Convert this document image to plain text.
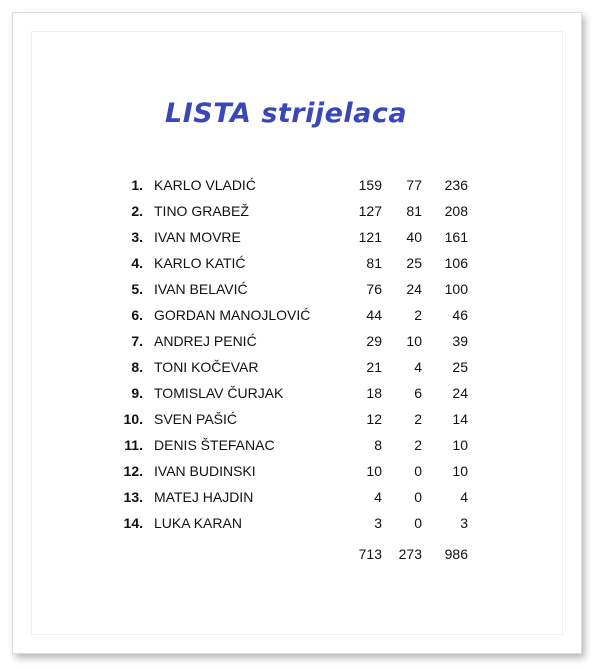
LISTA strijelaca
1. KARLO VLADIĆ	159 77 236
2. TINO GRABEŽ	127 81 208
3. IVAN MOVRE	121 40 161
4. KARLO KATIĆ	81 25 106
5. IVAN BELAVIĆ	76 24 100
6. GORDAN MANOJLOVIĆ	44 2 46
7. ANDREJ PENIĆ	29 10 39
8. TONI KOČEVAR	21 4 25
9. TOMISLAV ČURJAK	18 6 24
10. SVEN PAŠIĆ	12 2 14
11. DENIS ŠTEFANAC	8 2 10
12. IVAN BUDINSKI	10 0 10
13. MATEJ HAJDIN	4 0	4
14. LUKA KARAN	3 0	3
713 273 986
